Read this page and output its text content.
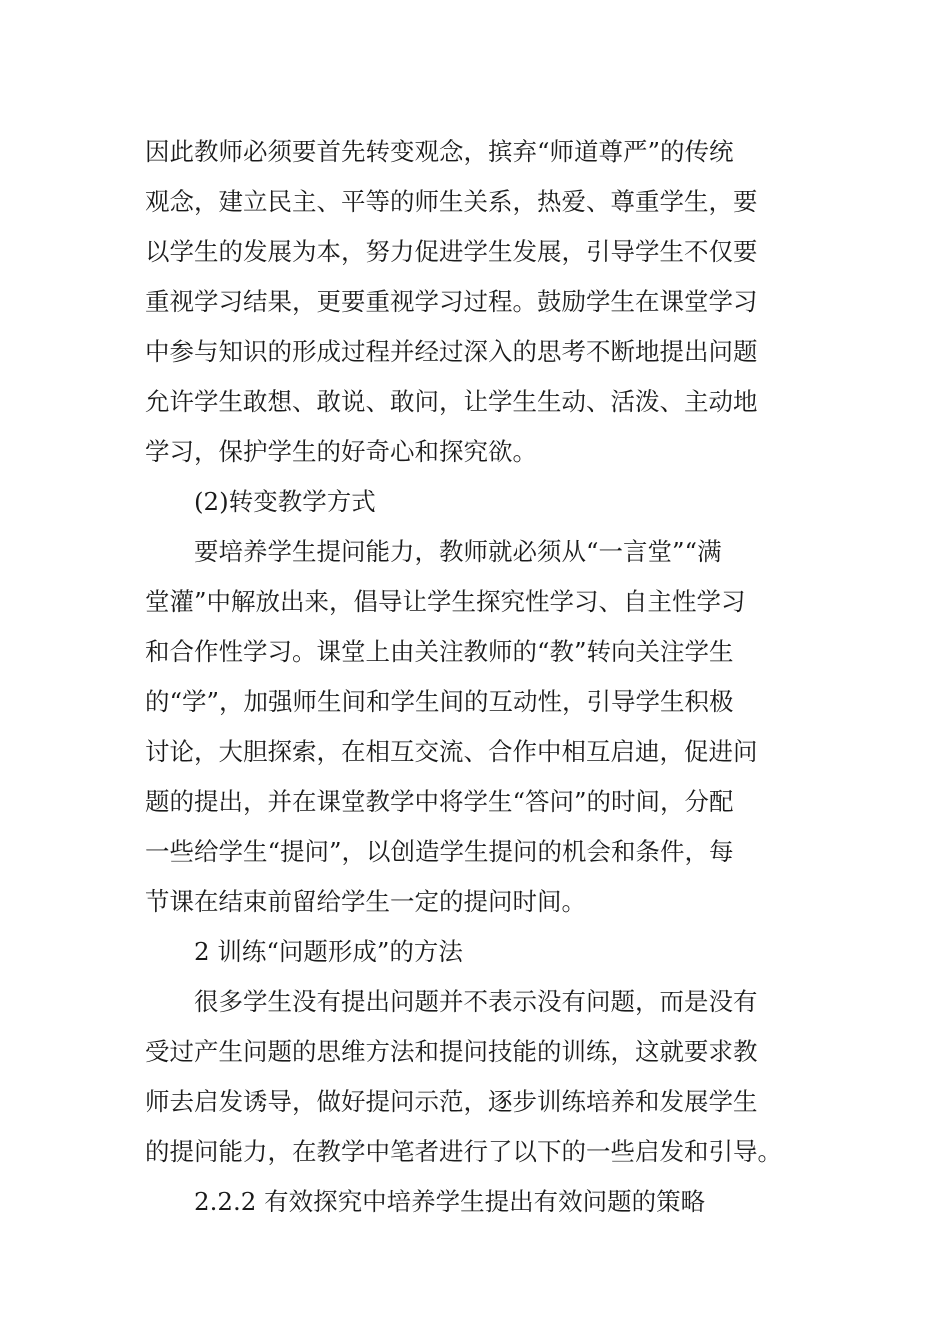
因此教师必须要首先转变观念，摈弃“师道尊严”的传统
观念，建立民主、平等的师生关系，热爱、尊重学生，要
以学生的发展为本，努力促进学生发展，引导学生不仅要
重视学习结果，更要重视学习过程。鼓励学生在课堂学习
中参与知识的形成过程并经过深入的思考不断地提出问题
允许学生敢想、敢说、敢问，让学生生动、活泼、主动地
学习，保护学生的好奇心和探究欲。
(2)转变教学方式
要培养学生提问能力，教师就必须从“一言堂”“满
堂灌”中解放出来，倡导让学生探究性学习、自主性学习
和合作性学习。课堂上由关注教师的“教”转向关注学生
的“学”，加强师生间和学生间的互动性，引导学生积极
讨论，大胆探索，在相互交流、合作中相互启迪，促进问
题的提出，并在课堂教学中将学生“答问”的时间，分配
一些给学生“提问”，以创造学生提问的机会和条件，每
节课在结束前留给学生一定的提问时间。
2 训练“问题形成”的方法
很多学生没有提出问题并不表示没有问题，而是没有
受过产生问题的思维方法和提问技能的训练，这就要求教
师去启发诱导，做好提问示范，逐步训练培养和发展学生
的提问能力，在教学中笔者进行了以下的一些启发和引导。
2.2.2 有效探究中培养学生提出有效问题的策略
